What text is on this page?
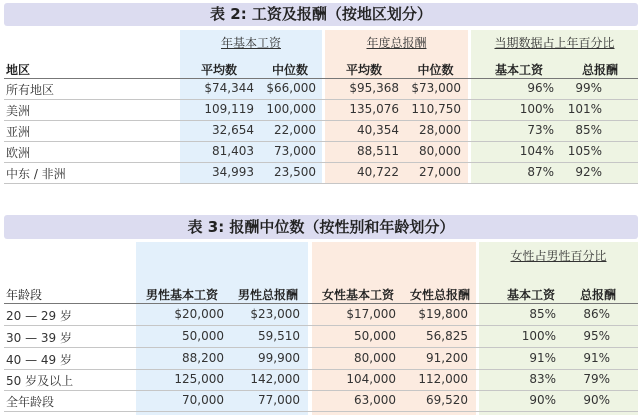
表 2: 工资及报酬（按地区划分）
年基本工资	年度总报酬	当期数据占上年百分比
地区	平均数	中位数	平均数	中位数	基本工资	总报酬
所有地区	$74,344	$66,000	$95,368	$73,000	96%	99%
美洲	109,119	100,000	135,076	110,750	100%	101%
亚洲	32,654	22,000	40,354	28,000	73%	85%
欧洲	81,403	73,000	88,511	80,000	104%	105%
中东 / 非洲	34,993	23,500	40,722	27,000	87%	92%
表 3: 报酬中位数（按性别和年龄划分）
女性占男性百分比
年龄段	男性基本工资	男性总报酬	女性基本工资	女性总报酬	基本工资	总报酬
20 — 29 岁	$20,000	$23,000	$17,000	$19,800	85%	86%
30 — 39 岁	50,000	59,510	50,000	56,825	100%	95%
40 — 49 岁	88,200	99,900	80,000	91,200	91%	91%
50 岁及以上	125,000	142,000	104,000	112,000	83%	79%
全年龄段	70,000	77,000	63,000	69,520	90%	90%
